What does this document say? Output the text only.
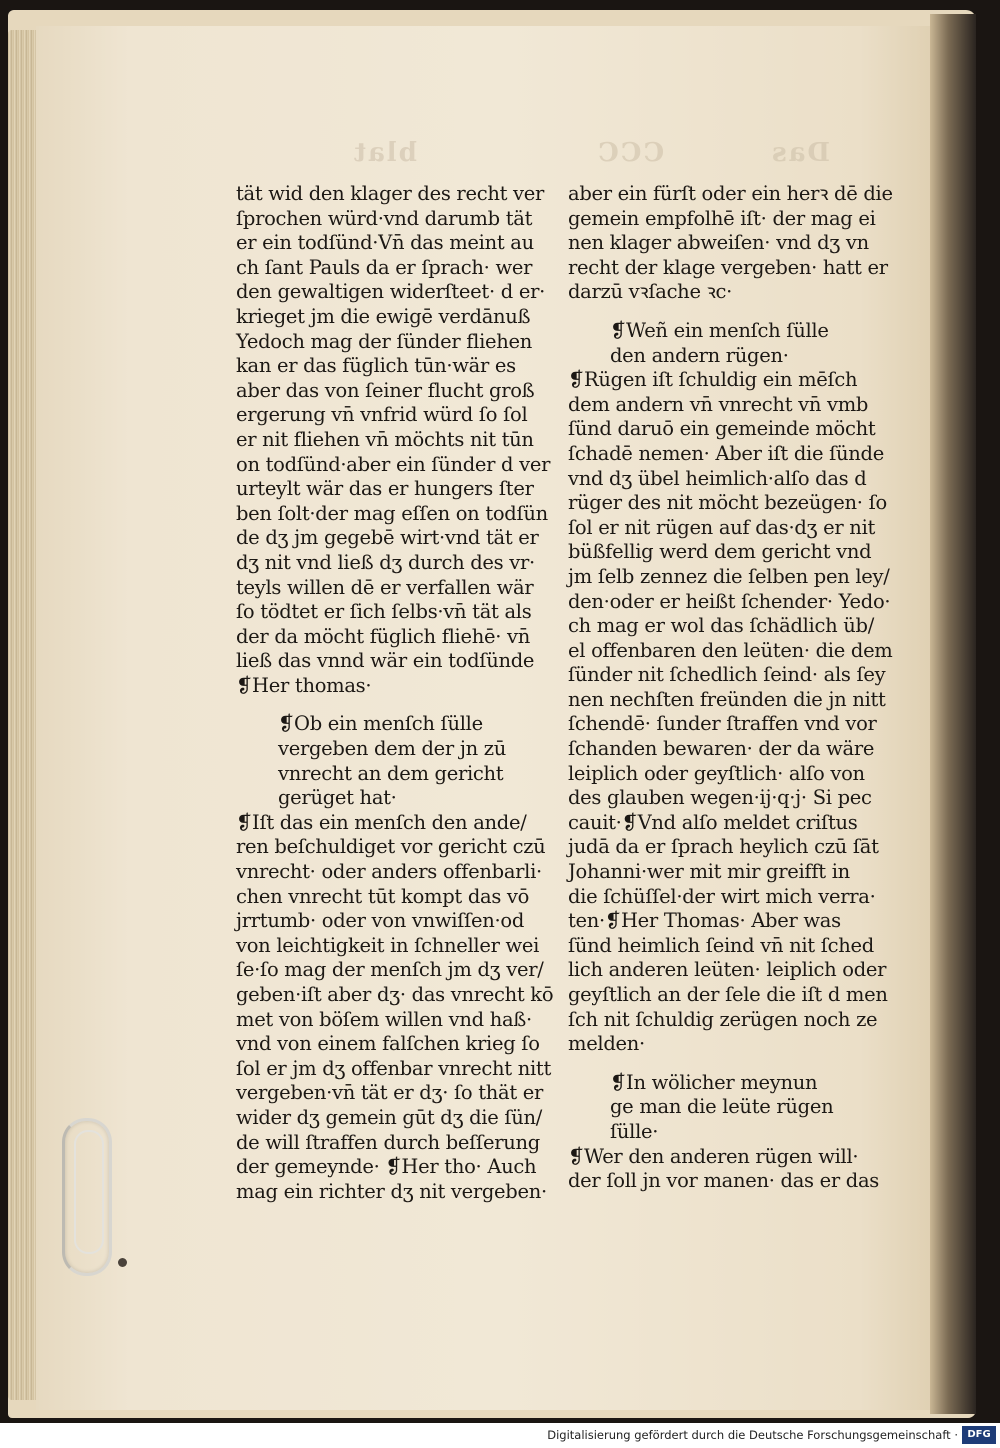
blat	CCC	Das
tät wid den klager des recht ver
ſprochen würd·vnd darumb tät
er ein todſünd·Vn̄ das meint au
ch ſant Pauls da er ſprach· wer
den gewaltigen widerſteet· d er·
krieget jm die ewigē verdānuß
Yedoch mag der ſünder fliehen
kan er das füglich tūn·wär es
aber das von ſeiner flucht groß
ergerung vn̄ vnfrid würd ſo ſol
er nit fliehen vn̄ möchts nit tūn
on todſünd·aber ein ſünder d ver
urteylt wär das er hungers ſter
ben ſolt·der mag eſſen on todſün
de dʒ jm gegebē wirt·vnd tät er
dʒ nit vnd ließ dʒ durch des vr·
teyls willen dē er verfallen wär
ſo tödtet er ſich ſelbs·vn̄ tät als
der da möcht füglich fliehē· vn̄
ließ das vnnd wär ein todſünde
❡Her thomas·
❡Ob ein menſch ſülle
vergeben dem der jn zū
vnrecht an dem gericht
gerüget hat·
❡Iſt das ein menſch den ande/
ren beſchuldiget vor gericht czū
vnrecht· oder anders offenbarli·
chen vnrecht tūt kompt das vō
jrrtumb· oder von vnwiſſen·od
von leichtigkeit in ſchneller wei
ſe·ſo mag der menſch jm dʒ ver/
geben·iſt aber dʒ· das vnrecht kō
met von böſem willen vnd haß·
vnd von einem falſchen krieg ſo
ſol er jm dʒ offenbar vnrecht nitt
vergeben·vn̄ tät er dʒ· ſo thät er
wider dʒ gemein gūt dʒ die ſün/
de will ſtraffen durch beſſerung
der gemeynde· ❡Her tho· Auch
mag ein richter dʒ nit vergeben·
aber ein fürſt oder ein herꝛ dē die
gemein empfolhē iſt· der mag ei
nen klager abweiſen· vnd dʒ vn
recht der klage vergeben· hatt er
darzū vꝛſache ꝛc·
❡Weñ ein menſch ſülle
den andern rügen·
❡Rügen iſt ſchuldig ein mēſch
dem andern vn̄ vnrecht vn̄ vmb
ſünd daruō ein gemeinde möcht
ſchadē nemen· Aber iſt die ſünde
vnd dʒ übel heimlich·alſo das d
rüger des nit möcht bezeügen· ſo
ſol er nit rügen auf das·dʒ er nit
büßfellig werd dem gericht vnd
jm ſelb zennez die ſelben pen ley/
den·oder er heißt ſchender· Yedo·
ch mag er wol das ſchädlich üb/
el offenbaren den leüten· die dem
ſünder nit ſchedlich ſeind· als ſey
nen nechſten freünden die jn nitt
ſchendē· ſunder ſtraffen vnd vor
ſchanden bewaren· der da wäre
leiplich oder geyſtlich· alſo von
des glauben wegen·ij·q·j· Si pec
cauit·❡Vnd alſo meldet criſtus
judā da er ſprach heylich czū ſāt
Johanni·wer mit mir greifft in
die ſchüſſel·der wirt mich verra·
ten·❡Her Thomas· Aber was
ſünd heimlich ſeind vn̄ nit ſched
lich anderen leüten· leiplich oder
geyſtlich an der ſele die iſt d men
ſch nit ſchuldig zerügen noch ze
melden·
❡In wölicher meynun
ge man die leüte rügen
ſülle·
❡Wer den anderen rügen will·
der ſoll jn vor manen· das er das
Digitalisierung gefördert durch die Deutsche Forschungsgemeinschaft · DFG
